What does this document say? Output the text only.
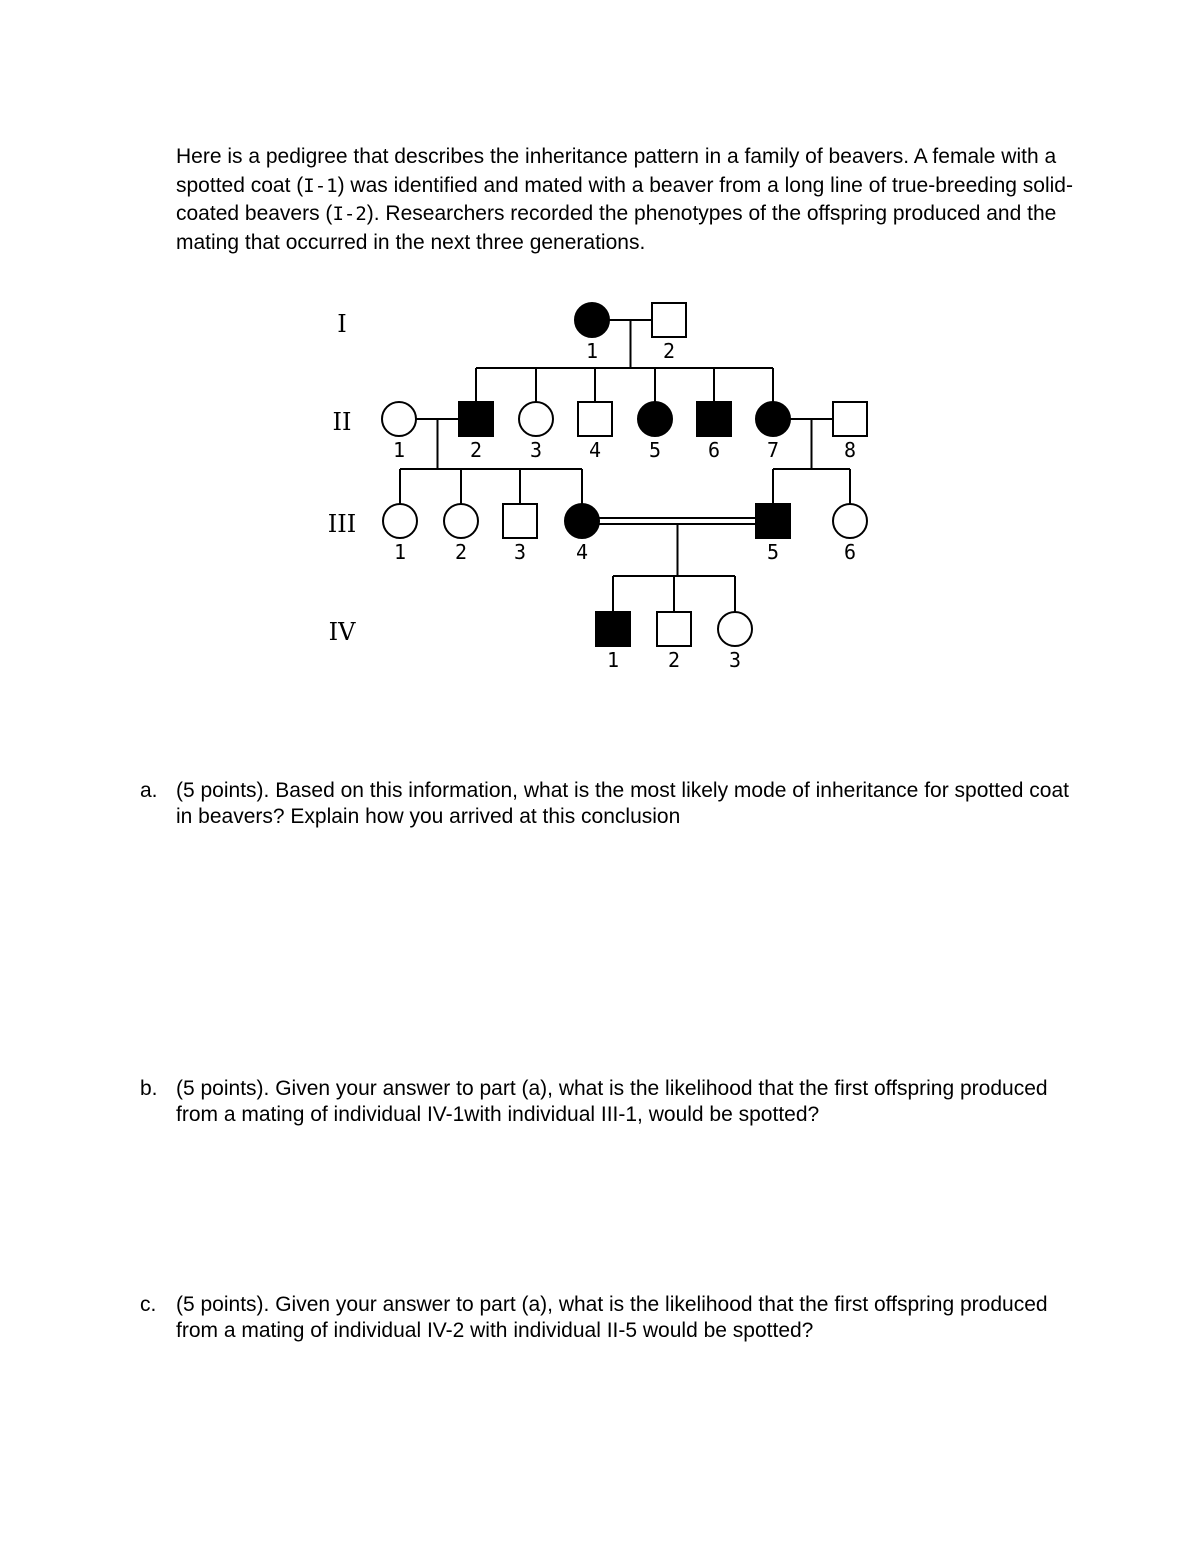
Here is a pedigree that describes the inheritance pattern in a family of beavers. A female with a spotted coat (I-1) was identified and mated with a beaver from a long line of true-breeding solid-coated beavers (I-2). Researchers recorded the phenotypes of the offspring produced and the mating that occurred in the next three generations.

I
II
III
IV
1	2
1	2 3 4 5 6 7	8
1 2 3 4	5	6
1 2 3
a. (5 points). Based on this information, what is the most likely mode of inheritance for spotted coat in beavers? Explain how you arrived at this conclusion
b. (5 points). Given your answer to part (a), what is the likelihood that the first offspring produced from a mating of individual IV-1with individual III-1, would be spotted?
c. (5 points). Given your answer to part (a), what is the likelihood that the first offspring produced from a mating of individual IV-2 with individual II-5 would be spotted?
